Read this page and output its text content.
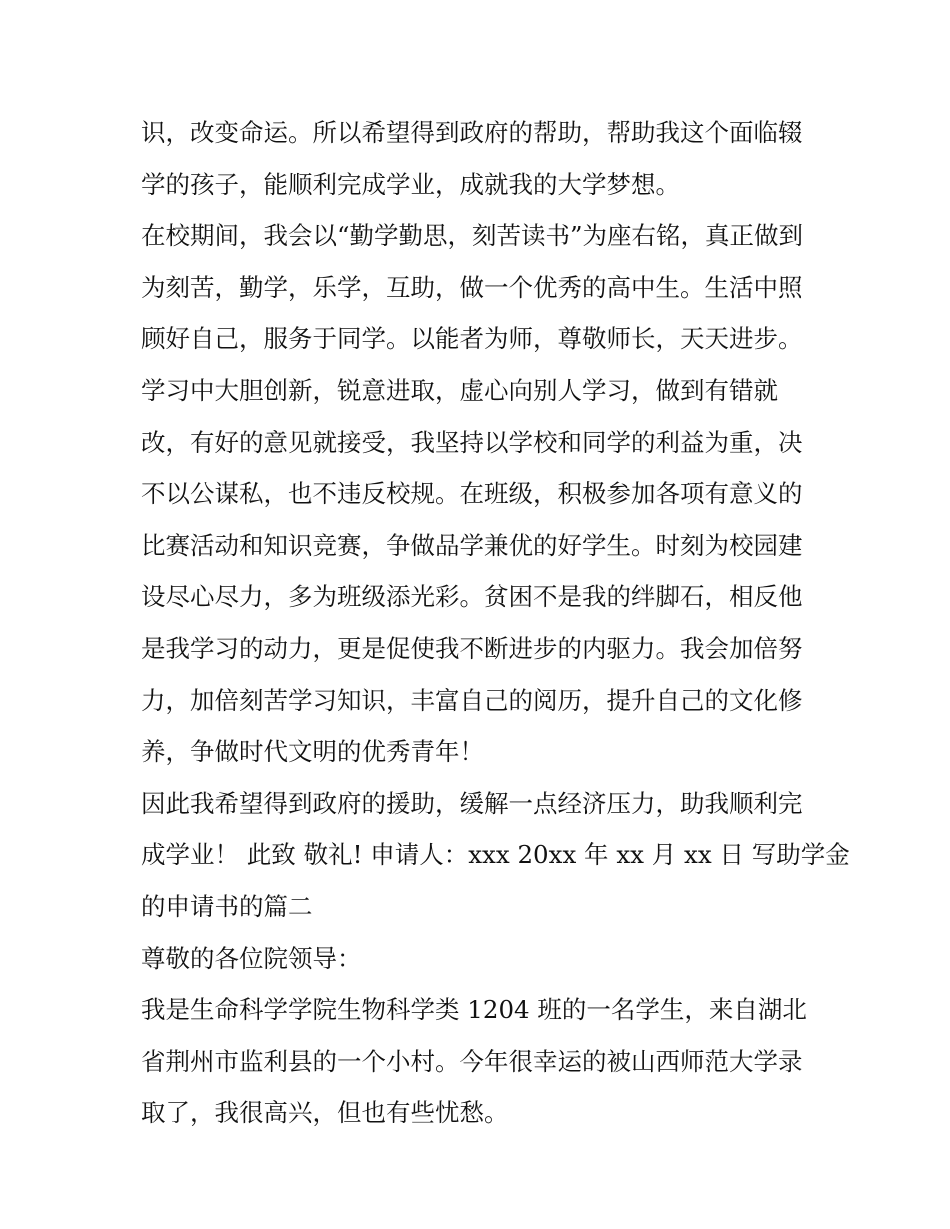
识，改变命运。所以希望得到政府的帮助，帮助我这个面临辍
学的孩子，能顺利完成学业，成就我的大学梦想。
在校期间，我会以“勤学勤思，刻苦读书”为座右铭，真正做到
为刻苦，勤学，乐学，互助，做一个优秀的高中生。生活中照
顾好自己，服务于同学。以能者为师，尊敬师长，天天进步。
学习中大胆创新，锐意进取，虚心向别人学习，做到有错就
改，有好的意见就接受，我坚持以学校和同学的利益为重，决
不以公谋私，也不违反校规。在班级，积极参加各项有意义的
比赛活动和知识竞赛，争做品学兼优的好学生。时刻为校园建
设尽心尽力，多为班级添光彩。贫困不是我的绊脚石，相反他
是我学习的动力，更是促使我不断进步的内驱力。我会加倍努
力，加倍刻苦学习知识，丰富自己的阅历，提升自己的文化修
养，争做时代文明的优秀青年！
因此我希望得到政府的援助，缓解一点经济压力，助我顺利完
成学业！ 此致 敬礼! 申请人：xxx 20xx 年 xx 月 xx 日 写助学金
的申请书的篇二
尊敬的各位院领导：
我是生命科学学院生物科学类 1204 班的一名学生，来自湖北
省荆州市监利县的一个小村。今年很幸运的被山西师范大学录
取了，我很高兴，但也有些忧愁。
